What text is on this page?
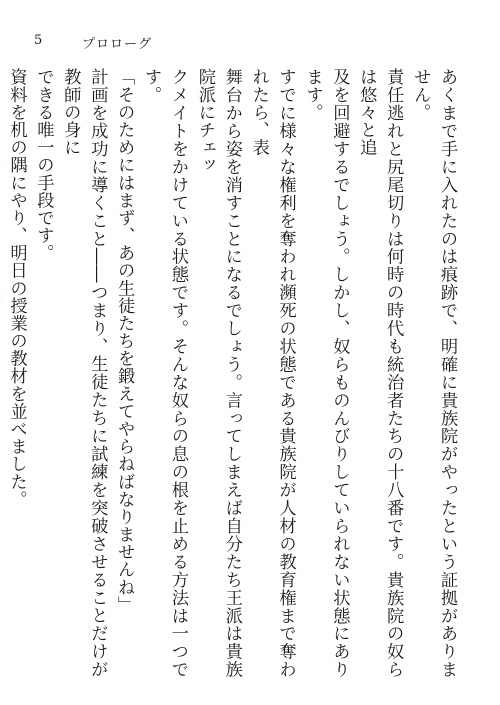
5	プロローグ

あくまで手に入れたのは痕跡で、明確に貴族院がやったという証拠がありません。

責任逃れと尻尾切りは何時の時代も統治者たちの十八番です。貴族院の奴らは悠々と追

及を回避するでしょう。しかし、奴らものんびりしていられない状態にあります。

すでに様々な権利を奪われ瀕死の状態である貴族院が人材の教育権まで奪われたら、表

舞台から姿を消すことになるでしょう。言ってしまえば自分たち王派は貴族院派にチェッ

クメイトをかけている状態です。そんな奴らの息の根を止める方法は一つです。

「そのためにはまず、あの生徒たちを鍛えてやらねばなりませんね」

計画を成功に導くこと――つまり、生徒たちに試練を突破させることだけが教師の身に

できる唯一の手段です。

資料を机の隅にやり、明日の授業の教材を並べました。
